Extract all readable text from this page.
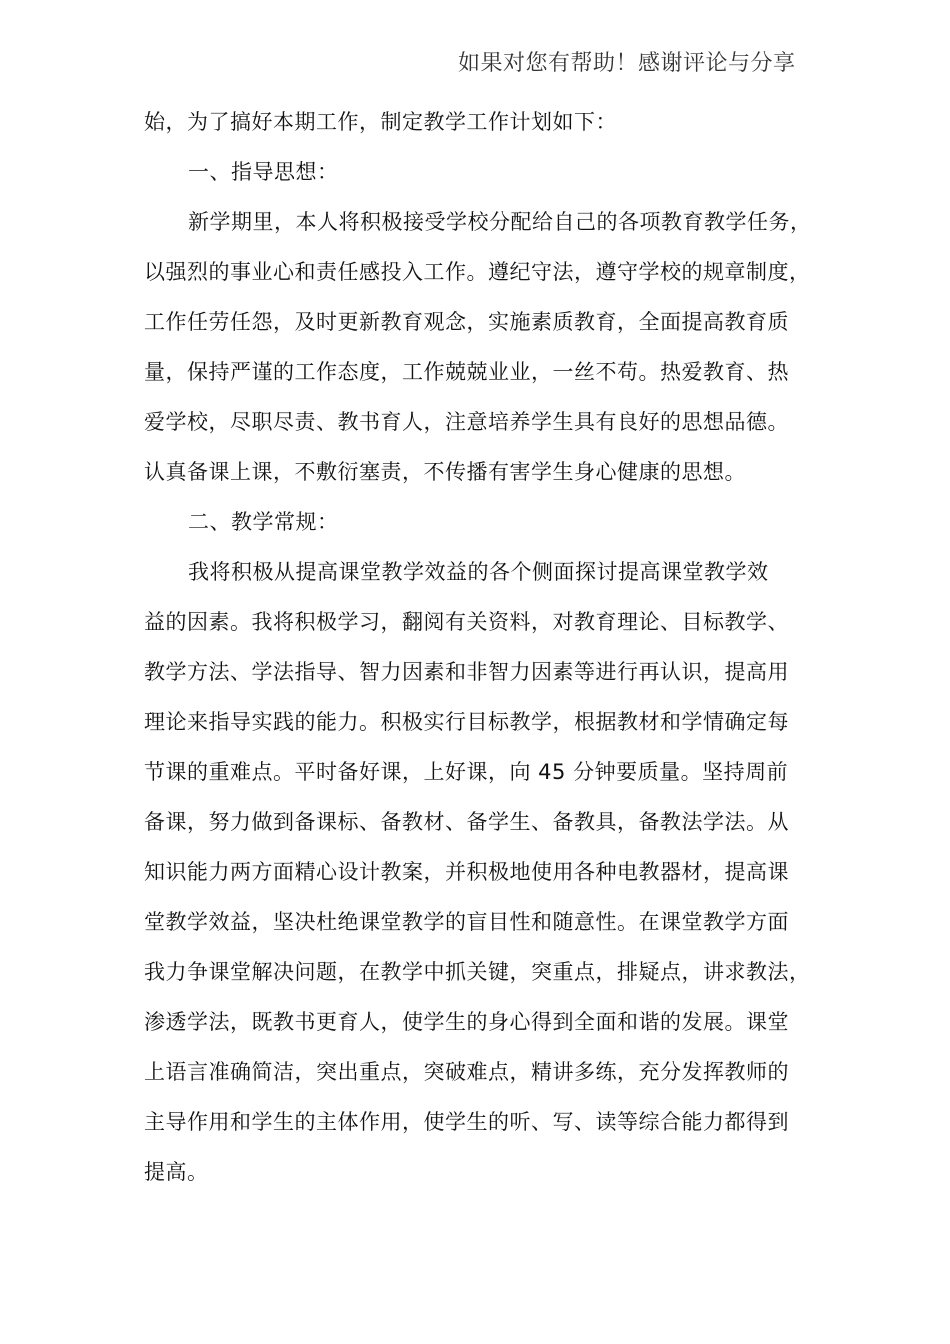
如果对您有帮助！感谢评论与分享
始，为了搞好本期工作，制定教学工作计划如下：
一、指导思想：
新学期里，本人将积极接受学校分配给自己的各项教育教学任务，
以强烈的事业心和责任感投入工作。遵纪守法，遵守学校的规章制度，
工作任劳任怨，及时更新教育观念，实施素质教育，全面提高教育质
量，保持严谨的工作态度，工作兢兢业业，一丝不苟。热爱教育、热
爱学校，尽职尽责、教书育人，注意培养学生具有良好的思想品德。
认真备课上课，不敷衍塞责，不传播有害学生身心健康的思想。
二、教学常规：
我将积极从提高课堂教学效益的各个侧面探讨提高课堂教学效
益的因素。我将积极学习，翻阅有关资料，对教育理论、目标教学、
教学方法、学法指导、智力因素和非智力因素等进行再认识，提高用
理论来指导实践的能力。积极实行目标教学，根据教材和学情确定每
节课的重难点。平时备好课，上好课，向 45 分钟要质量。坚持周前
备课，努力做到备课标、备教材、备学生、备教具，备教法学法。从
知识能力两方面精心设计教案，并积极地使用各种电教器材，提高课
堂教学效益，坚决杜绝课堂教学的盲目性和随意性。在课堂教学方面
我力争课堂解决问题，在教学中抓关键，突重点，排疑点，讲求教法，
渗透学法，既教书更育人，使学生的身心得到全面和谐的发展。课堂
上语言准确简洁，突出重点，突破难点，精讲多练，充分发挥教师的
主导作用和学生的主体作用，使学生的听、写、读等综合能力都得到
提高。
